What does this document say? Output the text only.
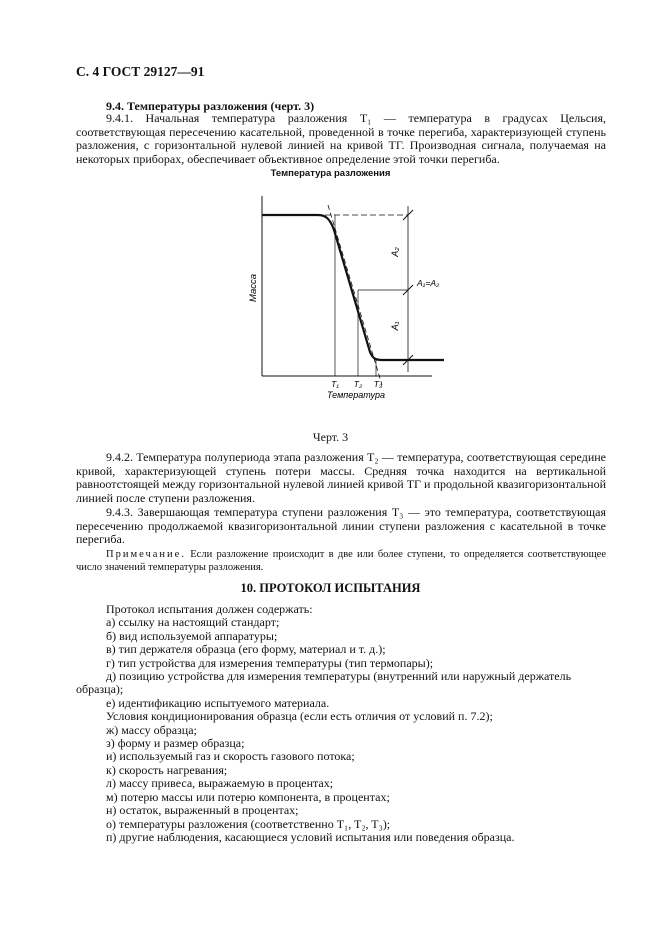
С. 4 ГОСТ 29127—91
9.4. Температуры разложения (черт. 3)
9.4.1. Начальная температура разложения T₁ — температура в градусах Цельсия, соответствующая пересечению касательной, проведенной в точке перегиба, характеризующей ступень разложения, с горизонтальной нулевой линией на кривой ТГ. Производная сигнала, получаемая на некоторых приборах, обеспечивает объективное определение этой точки перегиба.
Температура разложения
Масса
A₂
A₁
A₁=A₂
T₁ T₂ T₃
Температура
Черт. 3
9.4.2. Температура полупериода этапа разложения T₂ — температура, соответствующая середине кривой, характеризующей ступень потери массы. Средняя точка находится на вертикальной равноотстоящей между горизонтальной нулевой линией кривой ТГ и продольной квазигоризонтальной линией после ступени разложения.
9.4.3. Завершающая температура ступени разложения T₃ — это температура, соответствующая пересечению продолжаемой квазигоризонтальной линии ступени разложения с касательной в точке перегиба.
Примечание. Если разложение происходит в две или более ступени, то определяется соответствующее число значений температуры разложения.
10. ПРОТОКОЛ ИСПЫТАНИЯ
Протокол испытания должен содержать:
а) ссылку на настоящий стандарт;
б) вид используемой аппаратуры;
в) тип держателя образца (его форму, материал и т. д.);
г) тип устройства для измерения температуры (тип термопары);
д) позицию устройства для измерения температуры (внутренний или наружный держатель образца);
е) идентификацию испытуемого материала.
Условия кондиционирования образца (если есть отличия от условий п. 7.2);
ж) массу образца;
з) форму и размер образца;
и) используемый газ и скорость газового потока;
к) скорость нагревания;
л) массу привеса, выражаемую в процентах;
м) потерю массы или потерю компонента, в процентах;
н) остаток, выраженный в процентах;
о) температуры разложения (соответственно T₁, T₂, T₃);
п) другие наблюдения, касающиеся условий испытания или поведения образца.
